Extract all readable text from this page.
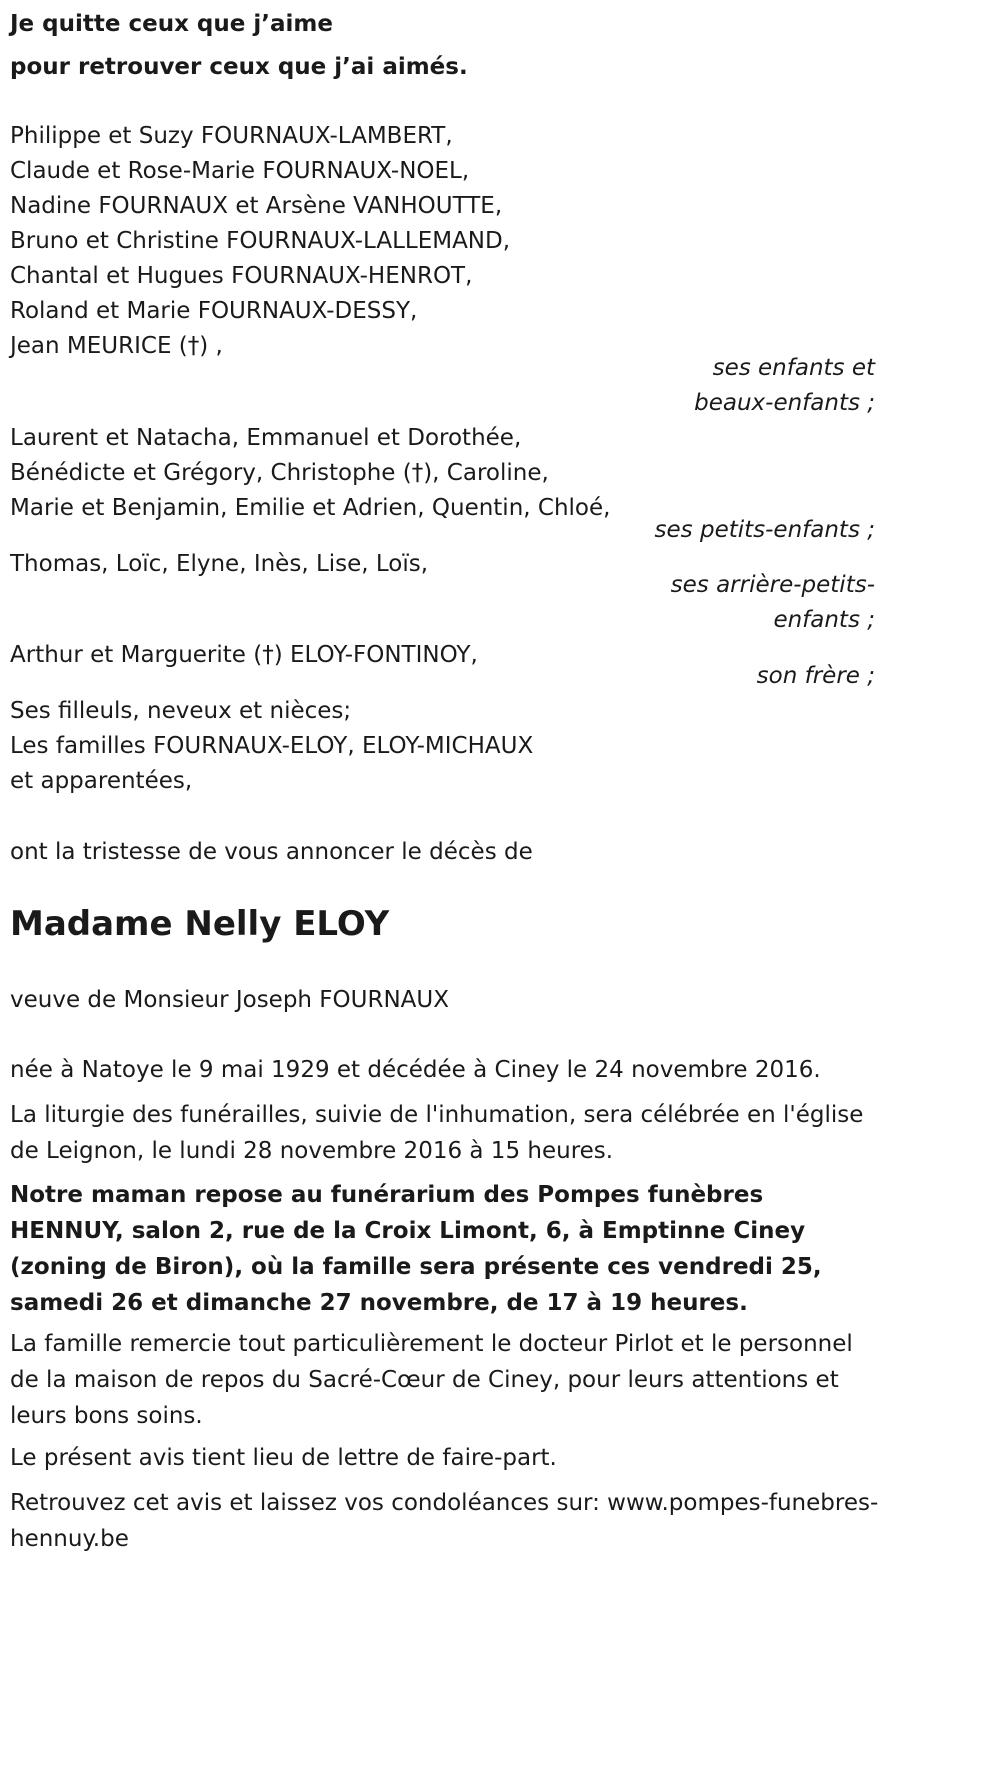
Je quitte ceux que j’aime
pour retrouver ceux que j’ai aimés.
Philippe et Suzy FOURNAUX-LAMBERT,
Claude et Rose-Marie FOURNAUX-NOEL,
Nadine FOURNAUX et Arsène VANHOUTTE,
Bruno et Christine FOURNAUX-LALLEMAND,
Chantal et Hugues FOURNAUX-HENROT,
Roland et Marie FOURNAUX-DESSY,
Jean MEURICE (†) ,
ses enfants et
beaux-enfants ;
Laurent et Natacha, Emmanuel et Dorothée,
Bénédicte et Grégory, Christophe (†), Caroline,
Marie et Benjamin, Emilie et Adrien, Quentin, Chloé,
ses petits-enfants ;
Thomas, Loïc, Elyne, Inès, Lise, Loïs,
ses arrière-petits-
enfants ;
Arthur et Marguerite (†) ELOY-FONTINOY,
son frère ;
Ses filleuls, neveux et nièces;
Les familles FOURNAUX-ELOY, ELOY-MICHAUX
et apparentées,
ont la tristesse de vous annoncer le décès de
Madame Nelly ELOY
veuve de Monsieur Joseph FOURNAUX
née à Natoye le 9 mai 1929 et décédée à Ciney le 24 novembre 2016.
La liturgie des funérailles, suivie de l'inhumation, sera célébrée en l'église de Leignon, le lundi 28 novembre 2016 à 15 heures.
Notre maman repose au funérarium des Pompes funèbres HENNUY, salon 2, rue de la Croix Limont, 6, à Emptinne Ciney (zoning de Biron), où la famille sera présente ces vendredi 25, samedi 26 et dimanche 27 novembre, de 17 à 19 heures.
La famille remercie tout particulièrement le docteur Pirlot et le personnel de la maison de repos du Sacré-Cœur de Ciney, pour leurs attentions et leurs bons soins.
Le présent avis tient lieu de lettre de faire-part.
Retrouvez cet avis et laissez vos condoléances sur: www.pompes-funebres-hennuy.be
